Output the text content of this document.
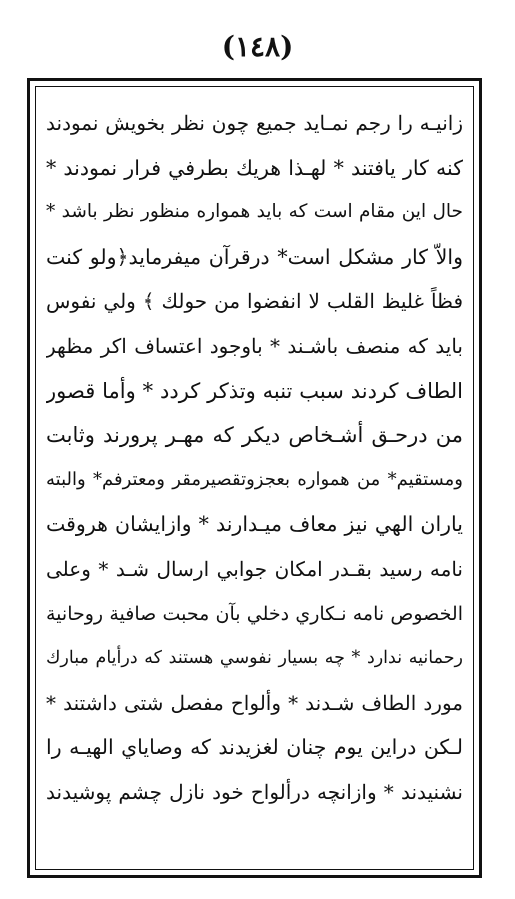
(١٤٨)
زانيـه را رجم نمـايد جميع چون نظر بخويش نمودند
كنه كار يافتند * لهـذا هريك بطرفي فرار نمودند *
حال اين مقام است كه بايد همواره منظور نظر باشد *
والاّ كار مشكل است* درقرآن ميفرمايد﴿ولو كنت
فظاً غليظ القلب لا انفضوا من حولك ﴾ ولي نفوس
بايد كه منصف باشـند * باوجود اعتساف اكر مظهر
الطاف كردند سبب تنبه وتذكر كردد * وأما قصور
من درحـق أشـخاص ديكر كه مهـر پرورند وثابت
ومستقيم* من همواره بعجزوتقصيرمقر ومعترفم* والبته
ياران الهي نيز معاف ميـدارند * وازايشان هروقت
نامه رسيد بقـدر امكان جوابي ارسال شـد * وعلى
الخصوص نامه نـكاري دخلي بآن محبت صافية روحانية
رحمانيه ندارد * چه بسيار نفوسي هستند كه درأيام مبارك
مورد الطاف شـدند * وألواح مفصل شتى داشتند *
لـكن دراين يوم چنان لغزيدند كه وصاياي الهيـه را
نشنيدند * وازانچه درألواح خود نازل چشم پوشيدند
